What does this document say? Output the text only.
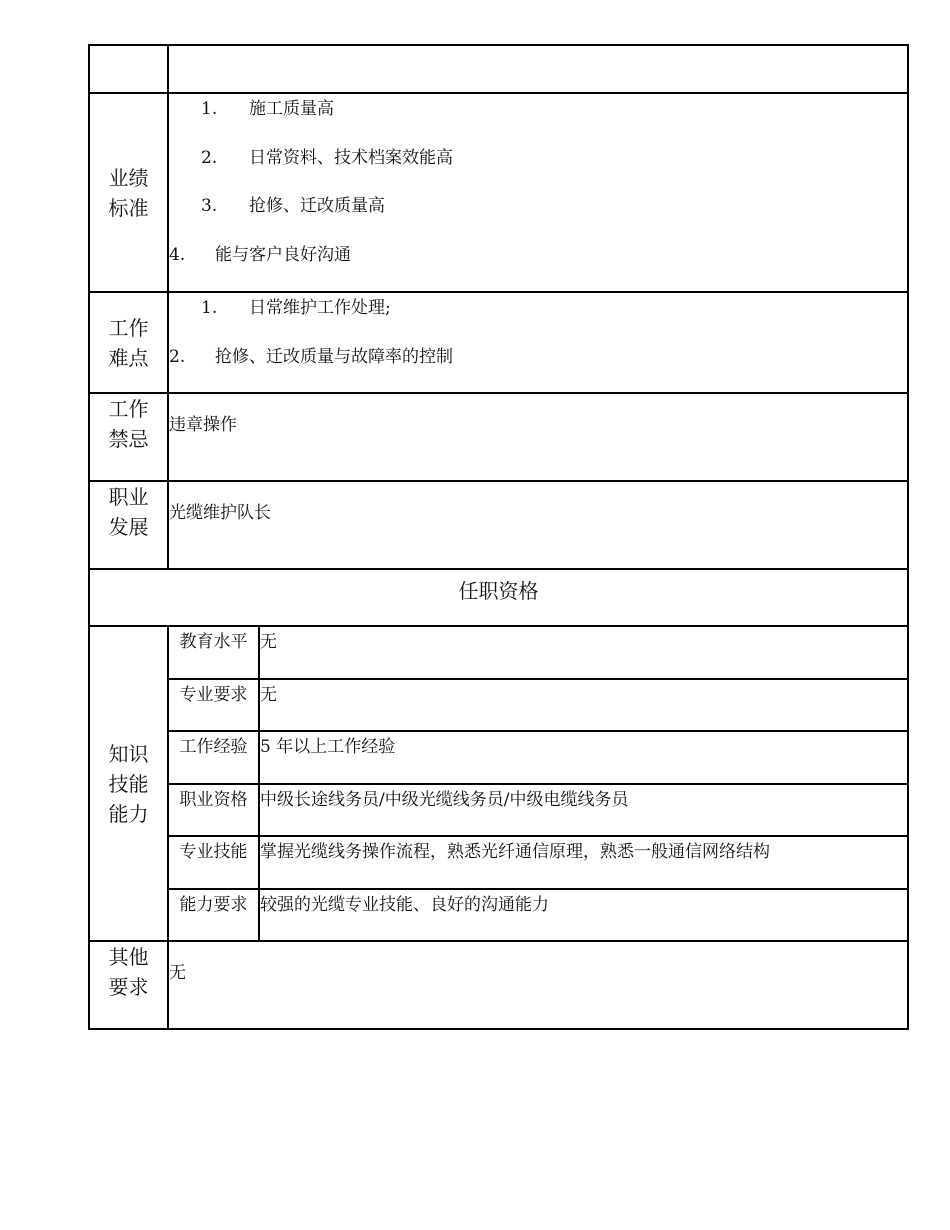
业绩
标准

1. 施工质量高
2. 日常资料、技术档案效能高
3. 抢修、迁改质量高
4. 能与客户良好沟通

工作
难点

1. 日常维护工作处理;
2. 抢修、迁改质量与故障率的控制

工作
禁忌

违章操作

职业
发展

光缆维护队长

任职资格

知识
技能
能力

教育水平	无

专业要求	无

工作经验	5 年以上工作经验

职业资格	中级长途线务员/中级光缆线务员/中级电缆线务员

专业技能	掌握光缆线务操作流程，熟悉光纤通信原理，熟悉一般通信网络结构

能力要求	较强的光缆专业技能、良好的沟通能力

其他
要求

无
